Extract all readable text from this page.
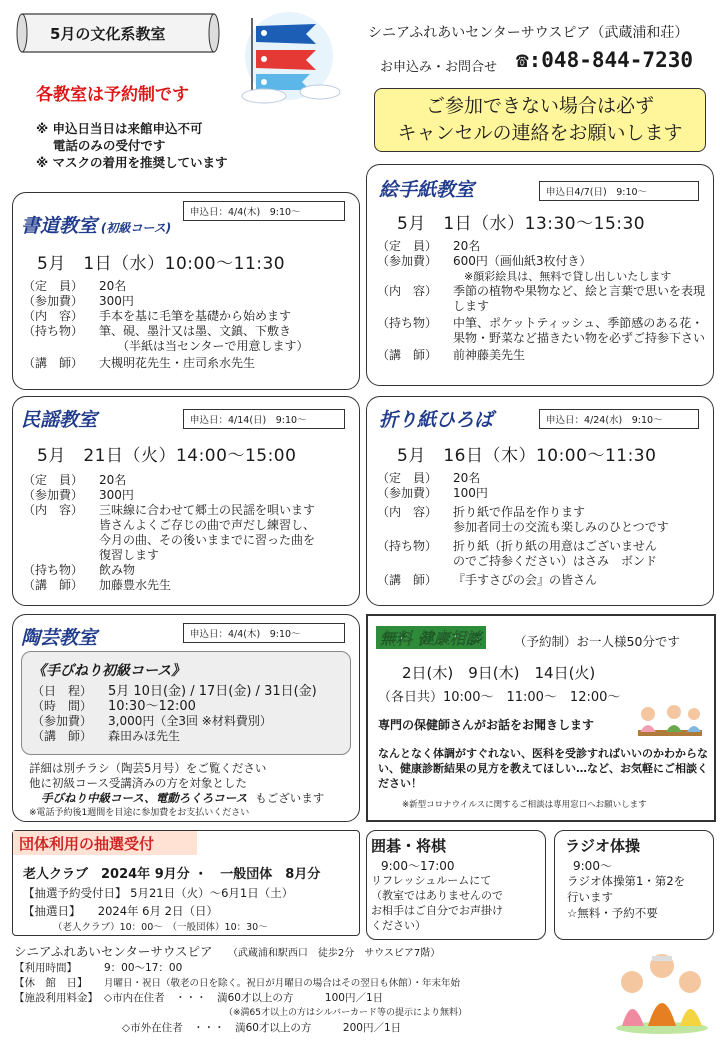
5月の文化系教室	シニアふれあいセンターサウスピア（武蔵浦和荘）
お申込み・お問合せ ☎:048-844-7230
各教室は予約制です
※ 申込日当日は来館申込不可
　 電話のみの受付です
※ マスクの着用を推奨しています
ご参加できない場合は必ず
キャンセルの連絡をお願いします
書道教室 (初級コース)
申込日：4/4(木)　9:10～
5月　1日（水）10:00～11:30
（定　員）	20名
（参加費）	300円
（内　容）	手本を基に毛筆を基礎から始めます
（持ち物）	筆、硯、墨汁又は墨、文鎮、下敷き
　　（半紙は当センターで用意します）
（講　師）	大槻明花先生・庄司糸水先生
絵手紙教室	申込日4/7(日)　9:10～
5月　1日（水）13:30～15:30
（定　員）	20名
（参加費）	600円（画仙紙3枚付き）
　※顔彩絵具は、無料で貸し出しいたします
（内　容）	季節の植物や果物など、絵と言葉で思いを表現します
（持ち物）	中筆、ポケットティッシュ、季節感のある花・果物・野菜など描きたい物を必ずご持参下さい
（講　師）	前神藤美先生
民謡教室	申込日：4/14(日)　9:10～
5月　21日（火）14:00～15:00
（定　員）	20名
（参加費）	300円
（内　容）	三味線に合わせて郷土の民謡を唄います
皆さんよくご存じの曲で声だし練習し、
今月の曲、その後いままでに習った曲を
復習します
（持ち物）	飲み物
（講　師）	加藤豊水先生
折り紙ひろば	申込日：4/24(水)　9:10～
5月　16日（木）10:00～11:30
（定　員）	20名
（参加費）	100円
（内　容）	折り紙で作品を作ります
参加者同士の交流も楽しみのひとつです
（持ち物）	折り紙（折り紙の用意はございません
のでご持参ください）はさみ　ボンド
（講　師）	『手すさびの会』の皆さん
陶芸教室	申込日：4/4(木)　9:10～
《手びねり初級コース》
（日　程）	5月 10日(金) / 17日(金) / 31日(金)
（時　間）	10:30～12:00
（参加費）	3,000円（全3回 ※材料費別）
（講　師）	森田みほ先生
詳細は別チラシ（陶芸5月号）をご覧ください
他に初級コース受講済みの方を対象とした
手びねり中級コース、電動ろくろコース もございます
※電話予約後1週間を目途に参加費をお支払いください
無料 健康相談	（予約制）お一人様50分です
2日(木)　9日(木)　14日(火)
（各日共）10:00～　11:00～　12:00～
専門の保健師さんがお話をお聞きします
なんとなく体調がすぐれない、医科を受診すればいいのかわからない、健康診断結果の見方を教えてほしい…など、お気軽にご相談ください！
※新型コロナウイルスに関するご相談は専用窓口へお願いします
団体利用の抽選受付
老人クラブ　2024年 9月分 ・　一般団体　8月分
【抽選予約受付日】 5月21日（火）～6月1日（土）
【抽選日】　　2024年 6月 2日（日）
（老人クラブ）10：00～　（一般団体）10：30～
囲碁・将棋
9:00～17:00
リフレッシュルームにて
（教室ではありませんので
お相手はご自分でお声掛け
ください）
ラジオ体操
9:00～
ラジオ体操第1・第2を
行います
☆無料・予約不要
シニアふれあいセンターサウスピア （武蔵浦和駅西口　徒歩2分　サウスピア7階）
【利用時間】	9：00～17：00
【休　館　日】	月曜日・祝日（敬老の日を除く。祝日が月曜日の場合はその翌日も休館）・年末年始
【施設利用料金】 ◇市内在住者　・・・　満60才以上の方　　　100円／1日
（※満65才以上の方はシルバーカード等の提示により無料）
◇市外在住者　・・・　満60才以上の方　　　200円／1日
